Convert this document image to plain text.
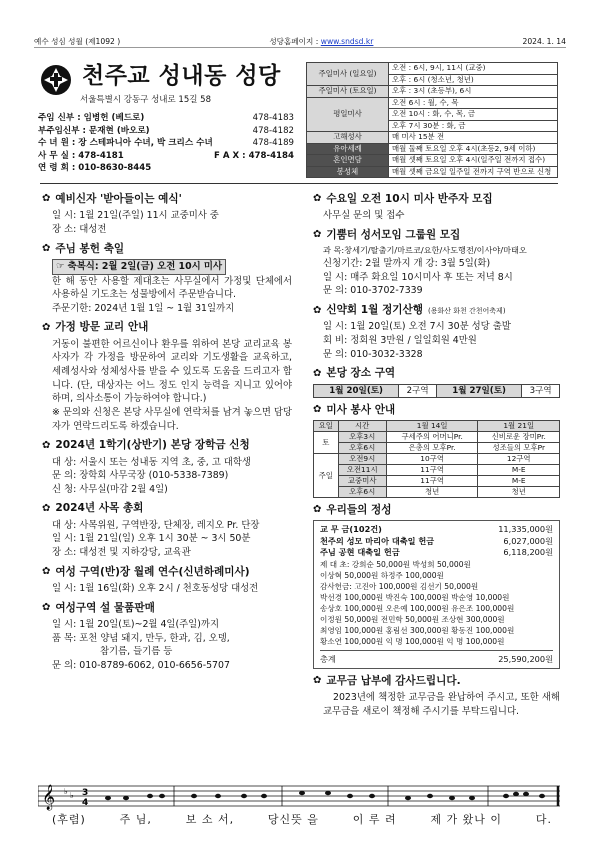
예수 성심 성월 (제1092 )	성당홈페이지 : www.sndsd.kr	2024. 1. 14
천주교 성내동 성당
서울특별시 강동구 성내로 15길 58
주임 신부 : 임병헌 (베드로)	478-4183
부주임신부 : 문재현 (바오로)	478-4182
수 녀 원 : 장 스테파니아 수녀, 박 크리스 수녀	478-4189
사 무 실 : 478-4181	F A X : 478-4184
연 령 회 : 010-8630-8445
주일미사 (일요일)	오전 : 6시, 9시, 11시 (교중)
	오후 : 6시 (청소년, 청년)
주일미사 (토요일)	오후 : 3시 (초등부), 6시
평일미사	오전 6시 : 월, 수, 목
	오전 10시 : 화, 수, 목, 금
	오후 7시 30분 : 화, 금
고해성사	매 미사 15분 전
유아세례	매월 둘째 토요일 오후 4시(초등2, 9세 이하)
혼인면담	매월 셋째 토요일 오후 4시(일주일 전까지 접수)
봉성체	매월 셋째 금요일 일주일 전까지 구역 반으로 신청
✿ 예비신자 '받아들이는 예식'
일 시: 1월 21일(주일) 11시 교중미사 중
장 소: 대성전
✿ 주님 봉헌 축일
☞ 축복식: 2월 2일(금) 오전 10시 미사
한 해 동안 사용할 제대초는 사무실에서 가정및 단체에서 사용하실 기도초는 성물방에서 주문받습니다.
주문기한: 2024년 1월 1일 ~ 1월 31일까지
✿ 가정 방문 교리 안내
거동이 불편한 어르신이나 환우를 위하여 본당 교리교육 봉사자가 각 가정을 방문하여 교리와 기도생활을 교육하고, 세례성사와 성체성사를 받을 수 있도록 도움을 드리고자 합니다. (단, 대상자는 어느 정도 인지 능력을 지니고 있어야 하며, 의사소통이 가능하여야 합니다.)
※ 문의와 신청은 본당 사무실에 연락처를 남겨 놓으면 담당자가 연락드리도록 하겠습니다.
✿ 2024년 1학기(상반기) 본당 장학금 신청
대 상: 서울시 또는 성내동 지역 초, 중, 고 대학생
문 의: 장학회 사무국장 (010-5338-7389)
신 청: 사무실(마감 2월 4일)
✿ 2024년 사목 총회
대 상: 사목위원, 구역반장, 단체장, 레지오 Pr. 단장
일 시: 1월 21일(일) 오후 1시 30분 ~ 3시 50분
장 소: 대성전 및 지하강당, 교육관
✿ 여성 구역(반)장 월례 연수(신년하례미사)
일 시: 1월 16일(화) 오후 2시 / 천호동성당 대성전
✿ 여성구역 설 물품판매
일 시: 1월 20일(토)~2월 4일(주일)까지
품 목: 포천 양념 돼지, 만두, 한과, 김, 오뎅,
참기름, 들기름 등
문 의: 010-8789-6062, 010-6656-5707
✿ 수요일 오전 10시 미사 반주자 모집
사무실 문의 및 접수
✿ 기뿜터 성서모임 그룹원 모집
과 목:창세기/탈출기/마르코/요한/사도행전/이사야/마태오
신청기간: 2월 말까지 개 강: 3월 5일(화)
일 시: 매주 화요일 10시미사 후 또는 저녁 8시
문 의: 010-3702-7339
✿ 신약회 1월 정기산행 (용화산 화천 간천어축제)
일 시: 1월 20일(토) 오전 7시 30분 성당 출발
회 비: 정회원 3만원 / 일일회원 4만원
문 의: 010-3032-3328
✿ 본당 장소 구역
1월 20일(토)	2구역	1월 27일(토)	3구역
✿ 미사 봉사 안내
요일	시간	1월 14일	1월 21일
토	오후3시	구세주의 어머니Pr.	신비로운 장미Pr.
	오후6시	은총의 모후Pr.	성조들의 모후Pr
주일	오전9시	10구역	12구역
	오전11시	11구역	M-E
	교중미사	11구역	M-E
	오후6시	청년	청년
✿ 우리들의 정성
교 무 금(102건)	11,335,000원
천주의 성모 마리아 대축일 헌금	6,027,000원
주님 공현 대축일 헌금	6,118,200원
제 대 초: 강희순 50,000원 박성희 50,000원
이상혁 50,000원 하정주 100,000원
감사헌금: 고진아 100,000원 김선기 50,000원
박선경 100,000원 박진숙 100,000원 박순영 10,000원
송상호 100,000원 오은예 100,000원 유은조 100,000원
이정원 50,000원 전민학 50,000원 조상현 300,000원
최영임 100,000원 홍림선 300,000원 황동진 100,000원
황소연 100,000원 익 명 100,000원 익 명 100,000원
총계	25,590,200원
✿ 교무금 납부에 감사드립니다.
2023년에 책정한 교무금을 완납하여 주시고, 또한 새해 교무금을 새로이 책정해 주시기를 부탁드립니다.
𝄞 ♭ ♭ 3
4
(후렴)	주 님,	보 소 서,	당신뜻 을	이 루 려	제 가 왔나 이	다.
